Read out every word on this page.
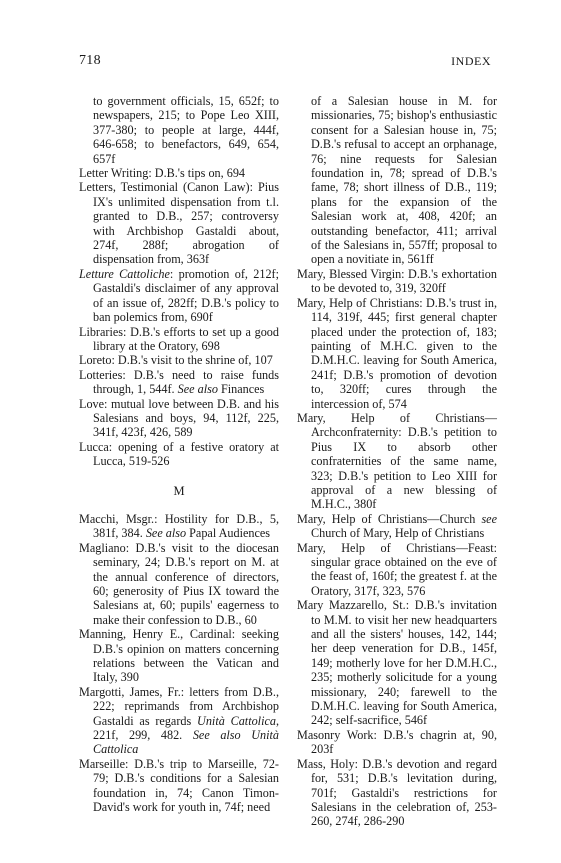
718	INDEX

to government officials, 15, 652f; to newspapers, 215; to Pope Leo XIII, 377-380; to people at large, 444f, 646-658; to benefactors, 649, 654, 657f

Letter Writing: D.B.'s tips on, 694

Letters, Testimonial (Canon Law): Pius IX's unlimited dispensation from t.l. granted to D.B., 257; controversy with Archbishop Gastaldi about, 274f, 288f; abrogation of dispensation from, 363f

Letture Cattoliche: promotion of, 212f; Gastaldi's disclaimer of any approval of an issue of, 282ff; D.B.'s policy to ban polemics from, 690f

Libraries: D.B.'s efforts to set up a good library at the Oratory, 698

Loreto: D.B.'s visit to the shrine of, 107

Lotteries: D.B.'s need to raise funds through, 1, 544f. See also Finances

Love: mutual love between D.B. and his Salesians and boys, 94, 112f, 225, 341f, 423f, 426, 589

Lucca: opening of a festive oratory at Lucca, 519-526

M

Macchi, Msgr.: Hostility for D.B., 5, 381f, 384. See also Papal Audiences

Magliano: D.B.'s visit to the diocesan seminary, 24; D.B.'s report on M. at the annual conference of directors, 60; generosity of Pius IX toward the Salesians at, 60; pupils' eagerness to make their confession to D.B., 60

Manning, Henry E., Cardinal: seeking D.B.'s opinion on matters concerning relations between the Vatican and Italy, 390

Margotti, James, Fr.: letters from D.B., 222; reprimands from Archbishop Gastaldi as regards Unità Cattolica, 221f, 299, 482. See also Unità Cattolica

Marseille: D.B.'s trip to Marseille, 72-79; D.B.'s conditions for a Salesian foundation in, 74; Canon Timon-David's work for youth in, 74f; need

of a Salesian house in M. for missionaries, 75; bishop's enthusiastic consent for a Salesian house in, 75; D.B.'s refusal to accept an orphanage, 76; nine requests for Salesian foundation in, 78; spread of D.B.'s fame, 78; short illness of D.B., 119; plans for the expansion of the Salesian work at, 408, 420f; an outstanding benefactor, 411; arrival of the Salesians in, 557ff; proposal to open a novitiate in, 561ff

Mary, Blessed Virgin: D.B.'s exhortation to be devoted to, 319, 320ff

Mary, Help of Christians: D.B.'s trust in, 114, 319f, 445; first general chapter placed under the protection of, 183; painting of M.H.C. given to the D.M.H.C. leaving for South America, 241f; D.B.'s promotion of devotion to, 320ff; cures through the intercession of, 574

Mary, Help of Christians—Archconfraternity: D.B.'s petition to Pius IX to absorb other confraternities of the same name, 323; D.B.'s petition to Leo XIII for approval of a new blessing of M.H.C., 380f

Mary, Help of Christians—Church see Church of Mary, Help of Christians

Mary, Help of Christians—Feast: singular grace obtained on the eve of the feast of, 160f; the greatest f. at the Oratory, 317f, 323, 576

Mary Mazzarello, St.: D.B.'s invitation to M.M. to visit her new headquarters and all the sisters' houses, 142, 144; her deep veneration for D.B., 145f, 149; motherly love for her D.M.H.C., 235; motherly solicitude for a young missionary, 240; farewell to the D.M.H.C. leaving for South America, 242; self-sacrifice, 546f

Masonry Work: D.B.'s chagrin at, 90, 203f

Mass, Holy: D.B.'s devotion and regard for, 531; D.B.'s levitation during, 701f; Gastaldi's restrictions for Salesians in the celebration of, 253-260, 274f, 286-290
